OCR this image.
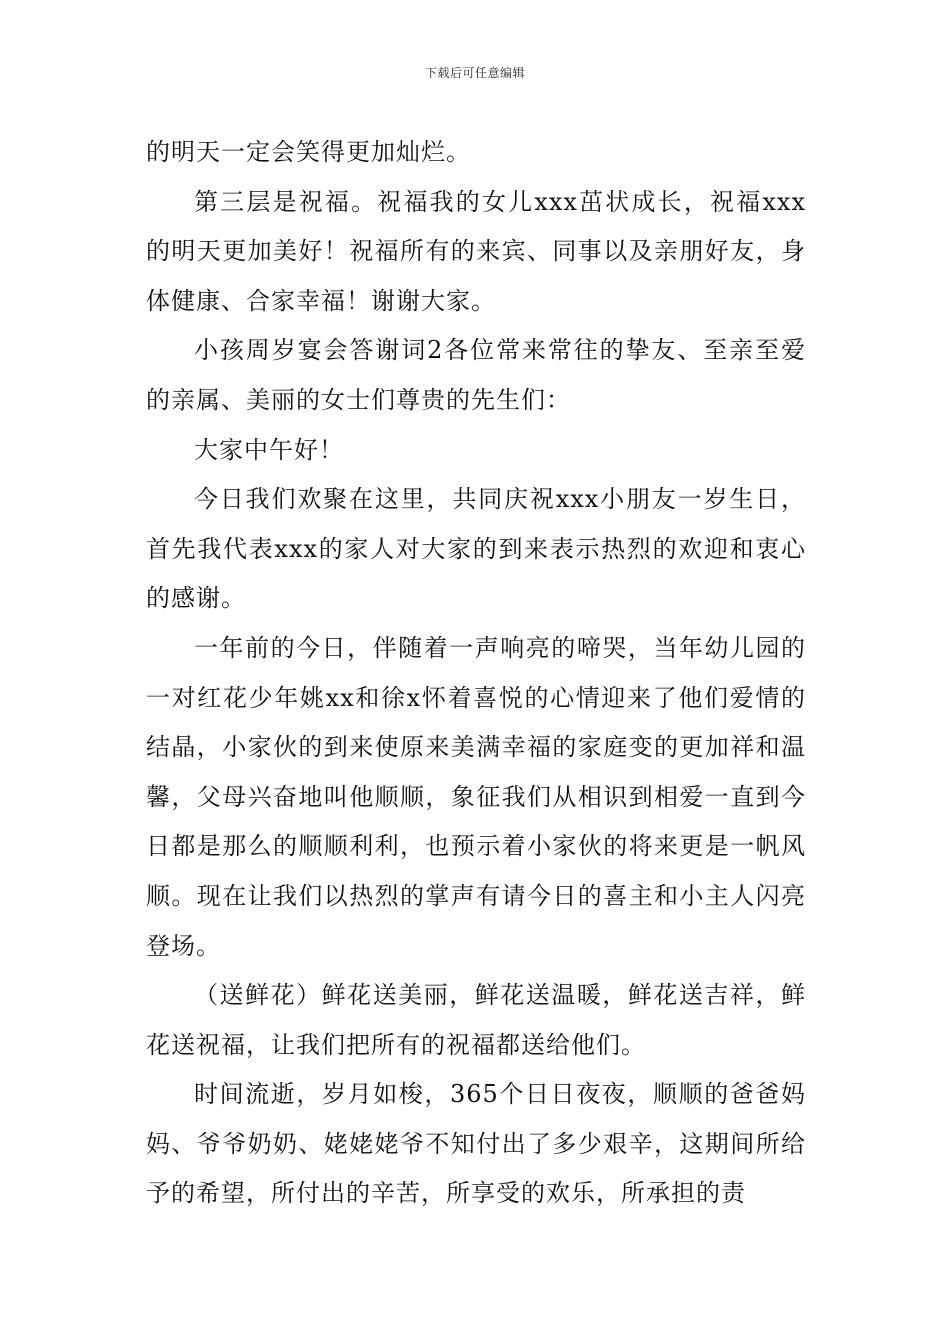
下载后可任意编辑

的明天一定会笑得更加灿烂。

第三层是祝福。祝福我的女儿xxx茁状成长，祝福xxx的明天更加美好！祝福所有的来宾、同事以及亲朋好友，身体健康、合家幸福！谢谢大家。

小孩周岁宴会答谢词2各位常来常往的挚友、至亲至爱的亲属、美丽的女士们尊贵的先生们：

大家中午好！

今日我们欢聚在这里，共同庆祝xxx小朋友一岁生日，首先我代表xxx的家人对大家的到来表示热烈的欢迎和衷心的感谢。

一年前的今日，伴随着一声响亮的啼哭，当年幼儿园的一对红花少年姚xx和徐x怀着喜悦的心情迎来了他们爱情的结晶，小家伙的到来使原来美满幸福的家庭变的更加祥和温馨，父母兴奋地叫他顺顺，象征我们从相识到相爱一直到今日都是那么的顺顺利利，也预示着小家伙的将来更是一帆风顺。现在让我们以热烈的掌声有请今日的喜主和小主人闪亮登场。

（送鲜花）鲜花送美丽，鲜花送温暖，鲜花送吉祥，鲜花送祝福，让我们把所有的祝福都送给他们。

时间流逝，岁月如梭，365个日日夜夜，顺顺的爸爸妈妈、爷爷奶奶、姥姥姥爷不知付出了多少艰辛，这期间所给予的希望，所付出的辛苦，所享受的欢乐，所承担的责
